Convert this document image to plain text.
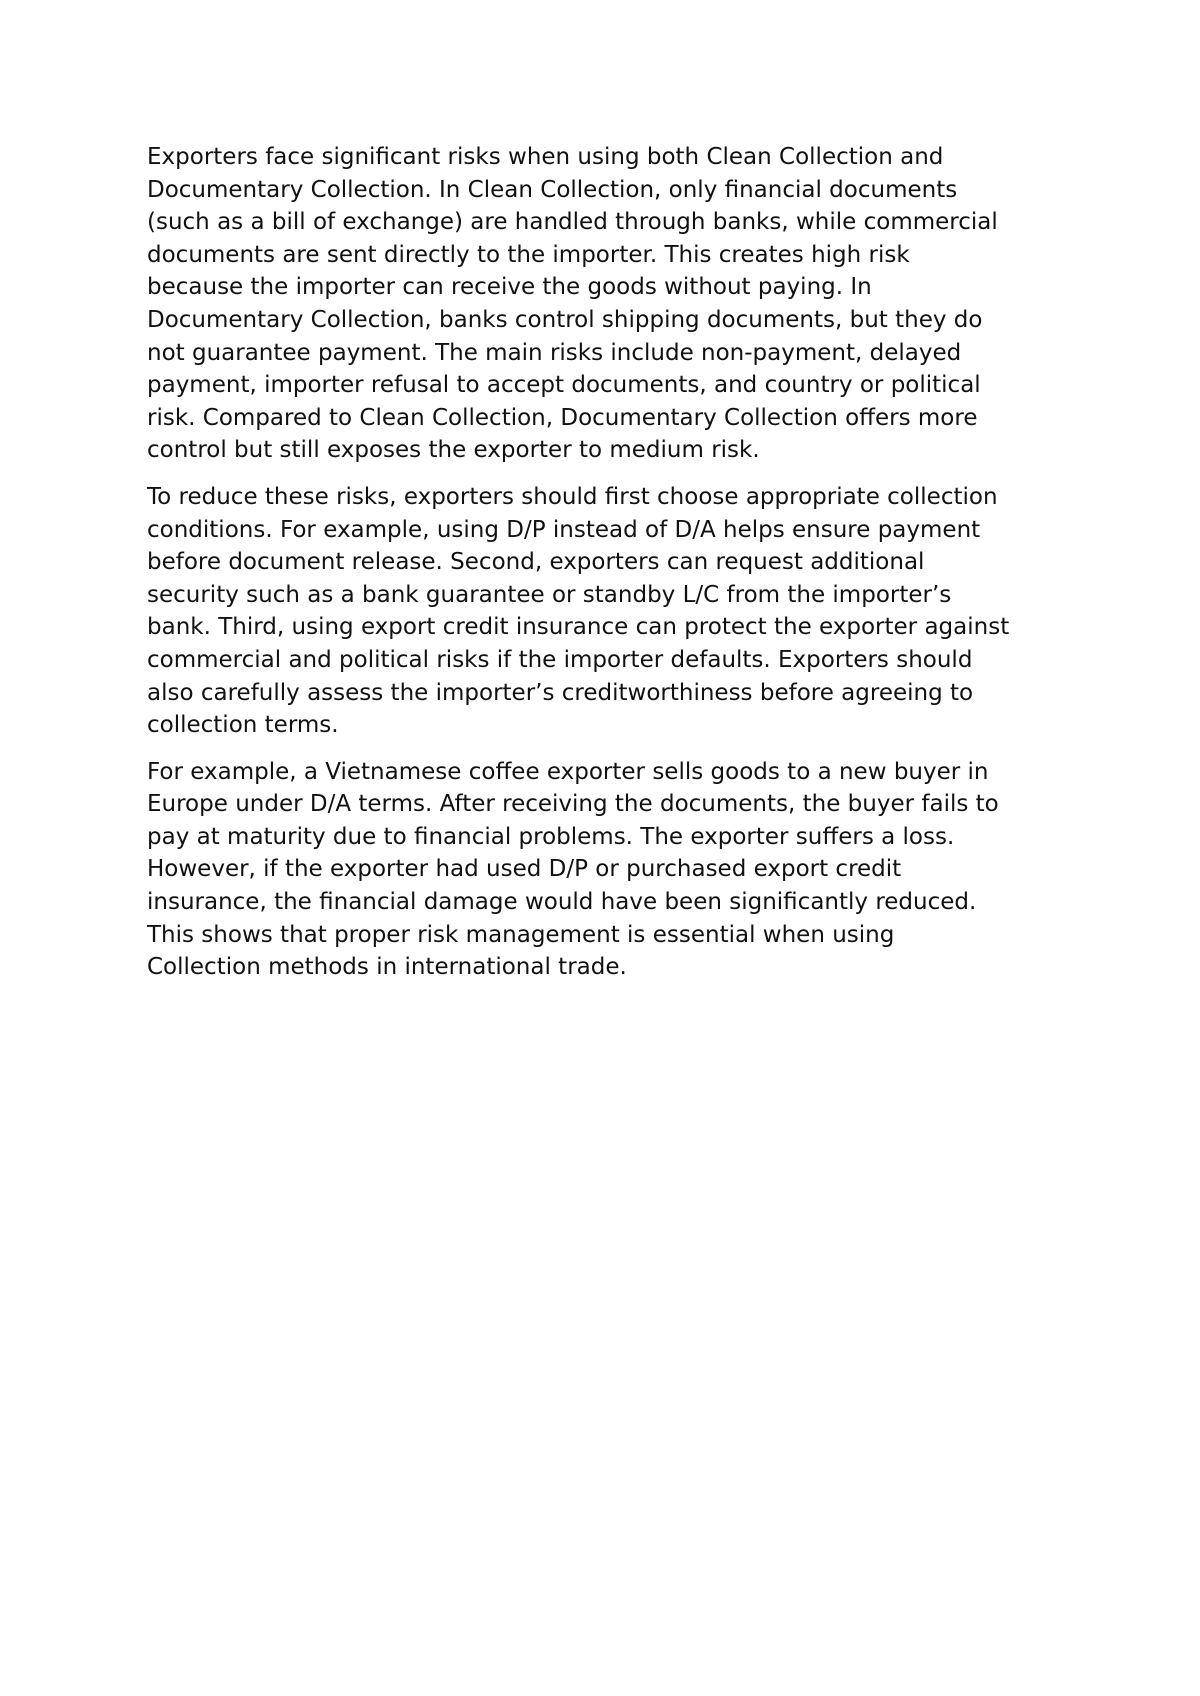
Exporters face significant risks when using both Clean Collection and
Documentary Collection. In Clean Collection, only financial documents
(such as a bill of exchange) are handled through banks, while commercial
documents are sent directly to the importer. This creates high risk
because the importer can receive the goods without paying. In
Documentary Collection, banks control shipping documents, but they do
not guarantee payment. The main risks include non-payment, delayed
payment, importer refusal to accept documents, and country or political
risk. Compared to Clean Collection, Documentary Collection offers more
control but still exposes the exporter to medium risk.

To reduce these risks, exporters should first choose appropriate collection
conditions. For example, using D/P instead of D/A helps ensure payment
before document release. Second, exporters can request additional
security such as a bank guarantee or standby L/C from the importer’s
bank. Third, using export credit insurance can protect the exporter against
commercial and political risks if the importer defaults. Exporters should
also carefully assess the importer’s creditworthiness before agreeing to
collection terms.

For example, a Vietnamese coffee exporter sells goods to a new buyer in
Europe under D/A terms. After receiving the documents, the buyer fails to
pay at maturity due to financial problems. The exporter suffers a loss.
However, if the exporter had used D/P or purchased export credit
insurance, the financial damage would have been significantly reduced.
This shows that proper risk management is essential when using
Collection methods in international trade.
